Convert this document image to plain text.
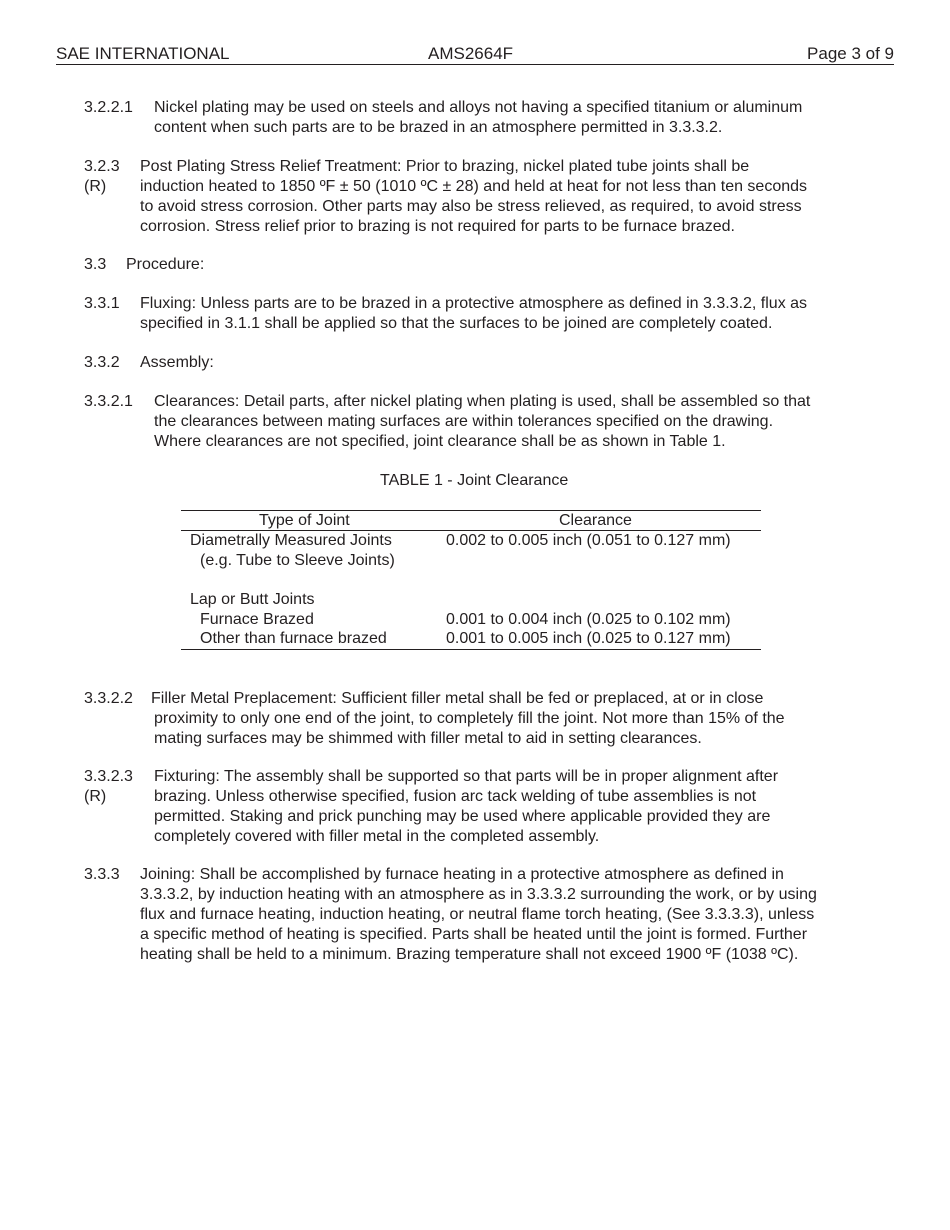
SAE INTERNATIONAL	AMS2664F	Page 3 of 9
3.2.2.1 Nickel plating may be used on steels and alloys not having a specified titanium or aluminum
content when such parts are to be brazed in an atmosphere permitted in 3.3.3.2.
3.2.3
(R)
Post Plating Stress Relief Treatment: Prior to brazing, nickel plated tube joints shall be
induction heated to 1850 ºF ± 50 (1010 ºC ± 28) and held at heat for not less than ten seconds
to avoid stress corrosion. Other parts may also be stress relieved, as required, to avoid stress
corrosion. Stress relief prior to brazing is not required for parts to be furnace brazed.
3.3 Procedure:
3.3.1 Fluxing: Unless parts are to be brazed in a protective atmosphere as defined in 3.3.3.2, flux as
specified in 3.1.1 shall be applied so that the surfaces to be joined are completely coated.
3.3.2 Assembly:
3.3.2.1 Clearances: Detail parts, after nickel plating when plating is used, shall be assembled so that
the clearances between mating surfaces are within tolerances specified on the drawing.
Where clearances are not specified, joint clearance shall be as shown in Table 1.
TABLE 1 - Joint Clearance
Type of Joint	Clearance
Diametrally Measured Joints	0.002 to 0.005 inch (0.051 to 0.127 mm)
(e.g. Tube to Sleeve Joints)
Lap or Butt Joints
Furnace Brazed	0.001 to 0.004 inch (0.025 to 0.102 mm)
Other than furnace brazed	0.001 to 0.005 inch (0.025 to 0.127 mm)
3.3.2.2 Filler Metal Preplacement: Sufficient filler metal shall be fed or preplaced, at or in close
proximity to only one end of the joint, to completely fill the joint. Not more than 15% of the
mating surfaces may be shimmed with filler metal to aid in setting clearances.
3.3.2.3
(R)
Fixturing: The assembly shall be supported so that parts will be in proper alignment after
brazing. Unless otherwise specified, fusion arc tack welding of tube assemblies is not
permitted. Staking and prick punching may be used where applicable provided they are
completely covered with filler metal in the completed assembly.
3.3.3 Joining: Shall be accomplished by furnace heating in a protective atmosphere as defined in
3.3.3.2, by induction heating with an atmosphere as in 3.3.3.2 surrounding the work, or by using
flux and furnace heating, induction heating, or neutral flame torch heating, (See 3.3.3.3), unless
a specific method of heating is specified. Parts shall be heated until the joint is formed. Further
heating shall be held to a minimum. Brazing temperature shall not exceed 1900 ºF (1038 ºC).
